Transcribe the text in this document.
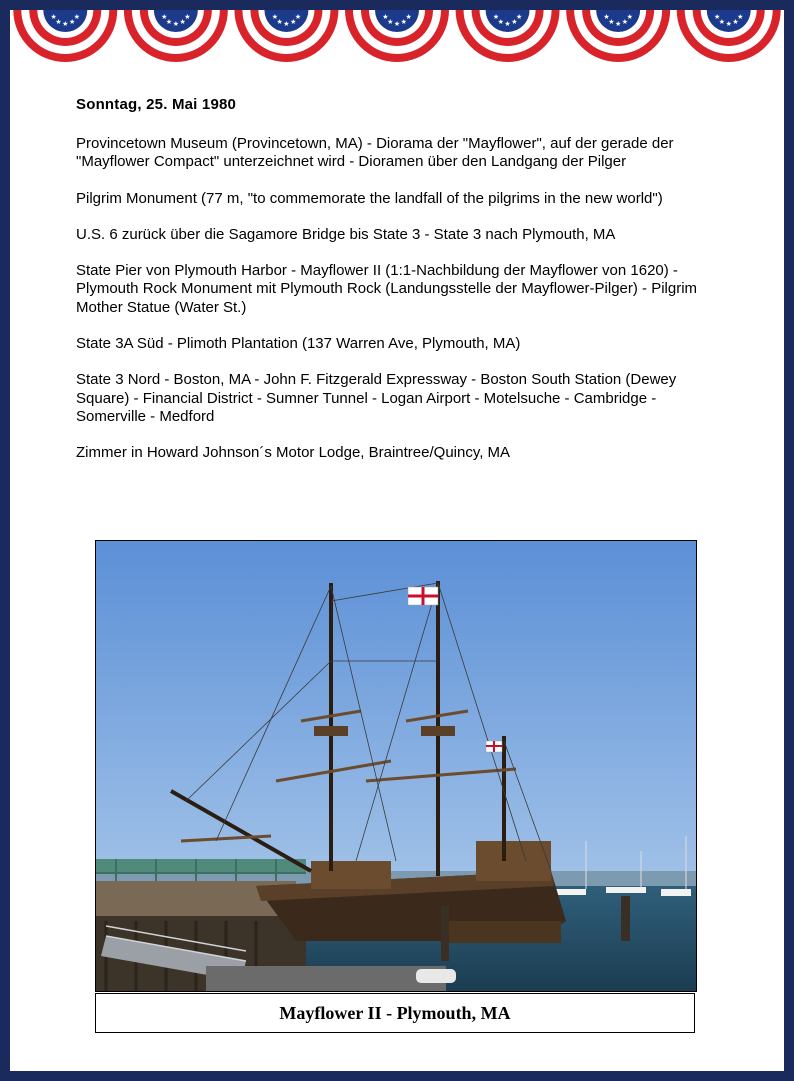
★
★ ★ ★
★	★
★ ★ ★
★	★
★ ★ ★
★	★
★ ★ ★
★	★
★ ★ ★
★	★
★ ★ ★
★	★
★ ★ ★
★
Sonntag, 25. Mai 1980

Provincetown Museum (Provincetown, MA) - Diorama der "Mayflower", auf der gerade der "Mayflower Compact" unterzeichnet wird - Dioramen über den Landgang der Pilger

Pilgrim Monument (77 m, "to commemorate the landfall of the pilgrims in the new world")

U.S. 6 zurück über die Sagamore Bridge bis State 3 - State 3 nach Plymouth, MA

State Pier von Plymouth Harbor - Mayflower II (1:1-Nachbildung der Mayflower von 1620) - Plymouth Rock Monument mit Plymouth Rock (Landungsstelle der Mayflower-Pilger) - Pilgrim Mother Statue (Water St.)

State 3A Süd - Plimoth Plantation (137 Warren Ave, Plymouth, MA)

State 3 Nord - Boston, MA - John F. Fitzgerald Expressway - Boston South Station (Dewey Square) - Financial District - Sumner Tunnel - Logan Airport - Motelsuche - Cambridge - Somerville - Medford

Zimmer in Howard Johnson´s Motor Lodge, Braintree/Quincy, MA

Mayflower II - Plymouth, MA
